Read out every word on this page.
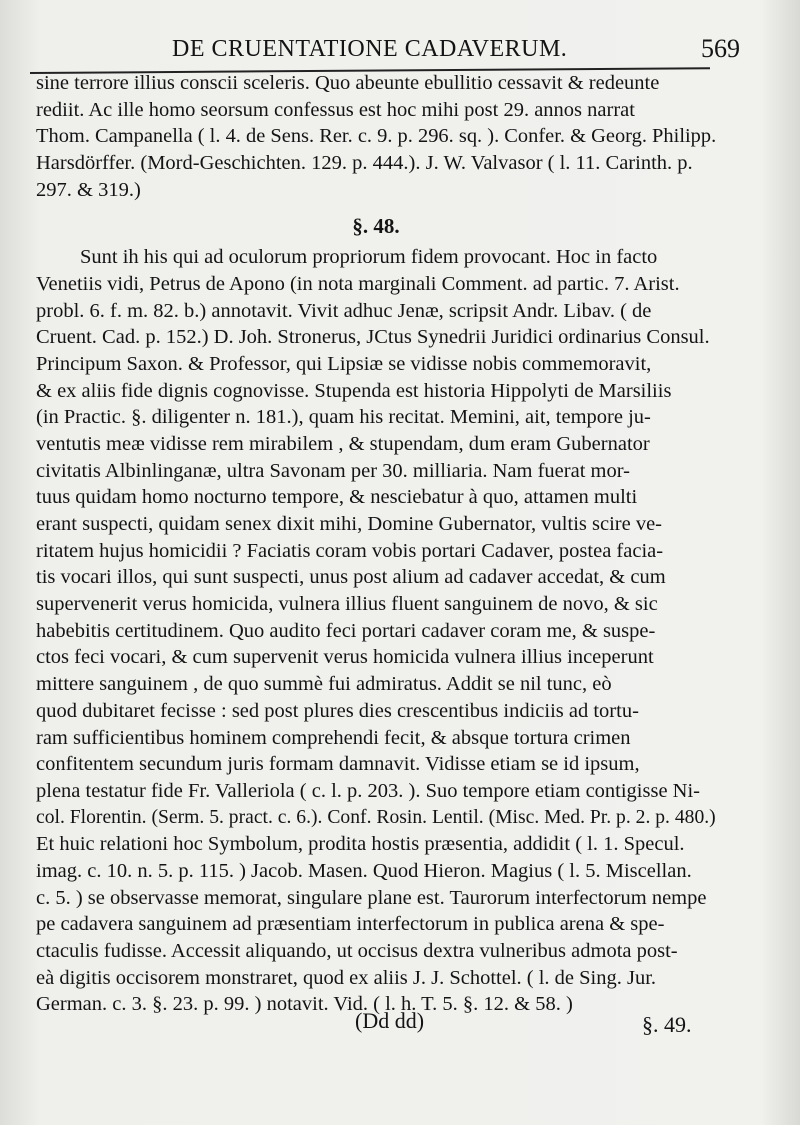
DE CRUENTATIONE CADAVERUM.	569
sine terrore illius conscii sceleris. Quo abeunte ebullitio cessavit & redeunte
rediit. Ac ille homo seorsum confessus est hoc mihi post 29. annos narrat
Thom. Campanella ( l. 4. de Sens. Rer. c. 9. p. 296. sq. ). Confer. & Georg. Philipp.
Harsdörffer. (Mord-Geschichten. 129. p. 444.). J. W. Valvasor ( l. 11. Carinth. p.
297. & 319.)
§. 48.
Sunt ih his qui ad oculorum propriorum fidem provocant. Hoc in facto
Venetiis vidi, Petrus de Apono (in nota marginali Comment. ad partic. 7. Arist.
probl. 6. f. m. 82. b.) annotavit. Vivit adhuc Jenæ, scripsit Andr. Libav. ( de
Cruent. Cad. p. 152.) D. Joh. Stronerus, JCtus Synedrii Juridici ordinarius Consul.
Principum Saxon. & Professor, qui Lipsiæ se vidisse nobis commemoravit,
& ex aliis fide dignis cognovisse. Stupenda est historia Hippolyti de Marsiliis
(in Practic. §. diligenter n. 181.), quam his recitat. Memini, ait, tempore ju-
ventutis meæ vidisse rem mirabilem , & stupendam, dum eram Gubernator
civitatis Albinlinganæ, ultra Savonam per 30. milliaria. Nam fuerat mor-
tuus quidam homo nocturno tempore, & nesciebatur à quo, attamen multi
erant suspecti, quidam senex dixit mihi, Domine Gubernator, vultis scire ve-
ritatem hujus homicidii ? Faciatis coram vobis portari Cadaver, postea facia-
tis vocari illos, qui sunt suspecti, unus post alium ad cadaver accedat, & cum
supervenerit verus homicida, vulnera illius fluent sanguinem de novo, & sic
habebitis certitudinem. Quo audito feci portari cadaver coram me, & suspe-
ctos feci vocari, & cum supervenit verus homicida vulnera illius inceperunt
mittere sanguinem , de quo summè fui admiratus. Addit se nil tunc, eò
quod dubitaret fecisse : sed post plures dies crescentibus indiciis ad tortu-
ram sufficientibus hominem comprehendi fecit, & absque tortura crimen
confitentem secundum juris formam damnavit. Vidisse etiam se id ipsum,
plena testatur fide Fr. Valleriola ( c. l. p. 203. ). Suo tempore etiam contigisse Ni-
col. Florentin. (Serm. 5. pract. c. 6.). Conf. Rosin. Lentil. (Misc. Med. Pr. p. 2. p. 480.)
Et huic relationi hoc Symbolum, prodita hostis præsentia, addidit ( l. 1. Specul.
imag. c. 10. n. 5. p. 115. ) Jacob. Masen. Quod Hieron. Magius ( l. 5. Miscellan.
c. 5. ) se observasse memorat, singulare plane est. Taurorum interfectorum nempe
pe cadavera sanguinem ad præsentiam interfectorum in publica arena & spe-
ctaculis fudisse. Accessit aliquando, ut occisus dextra vulneribus admota post-
eà digitis occisorem monstraret, quod ex aliis J. J. Schottel. ( l. de Sing. Jur.
German. c. 3. §. 23. p. 99. ) notavit. Vid. ( l. h. T. 5. §. 12. & 58. )
(Dd dd)	§. 49.
